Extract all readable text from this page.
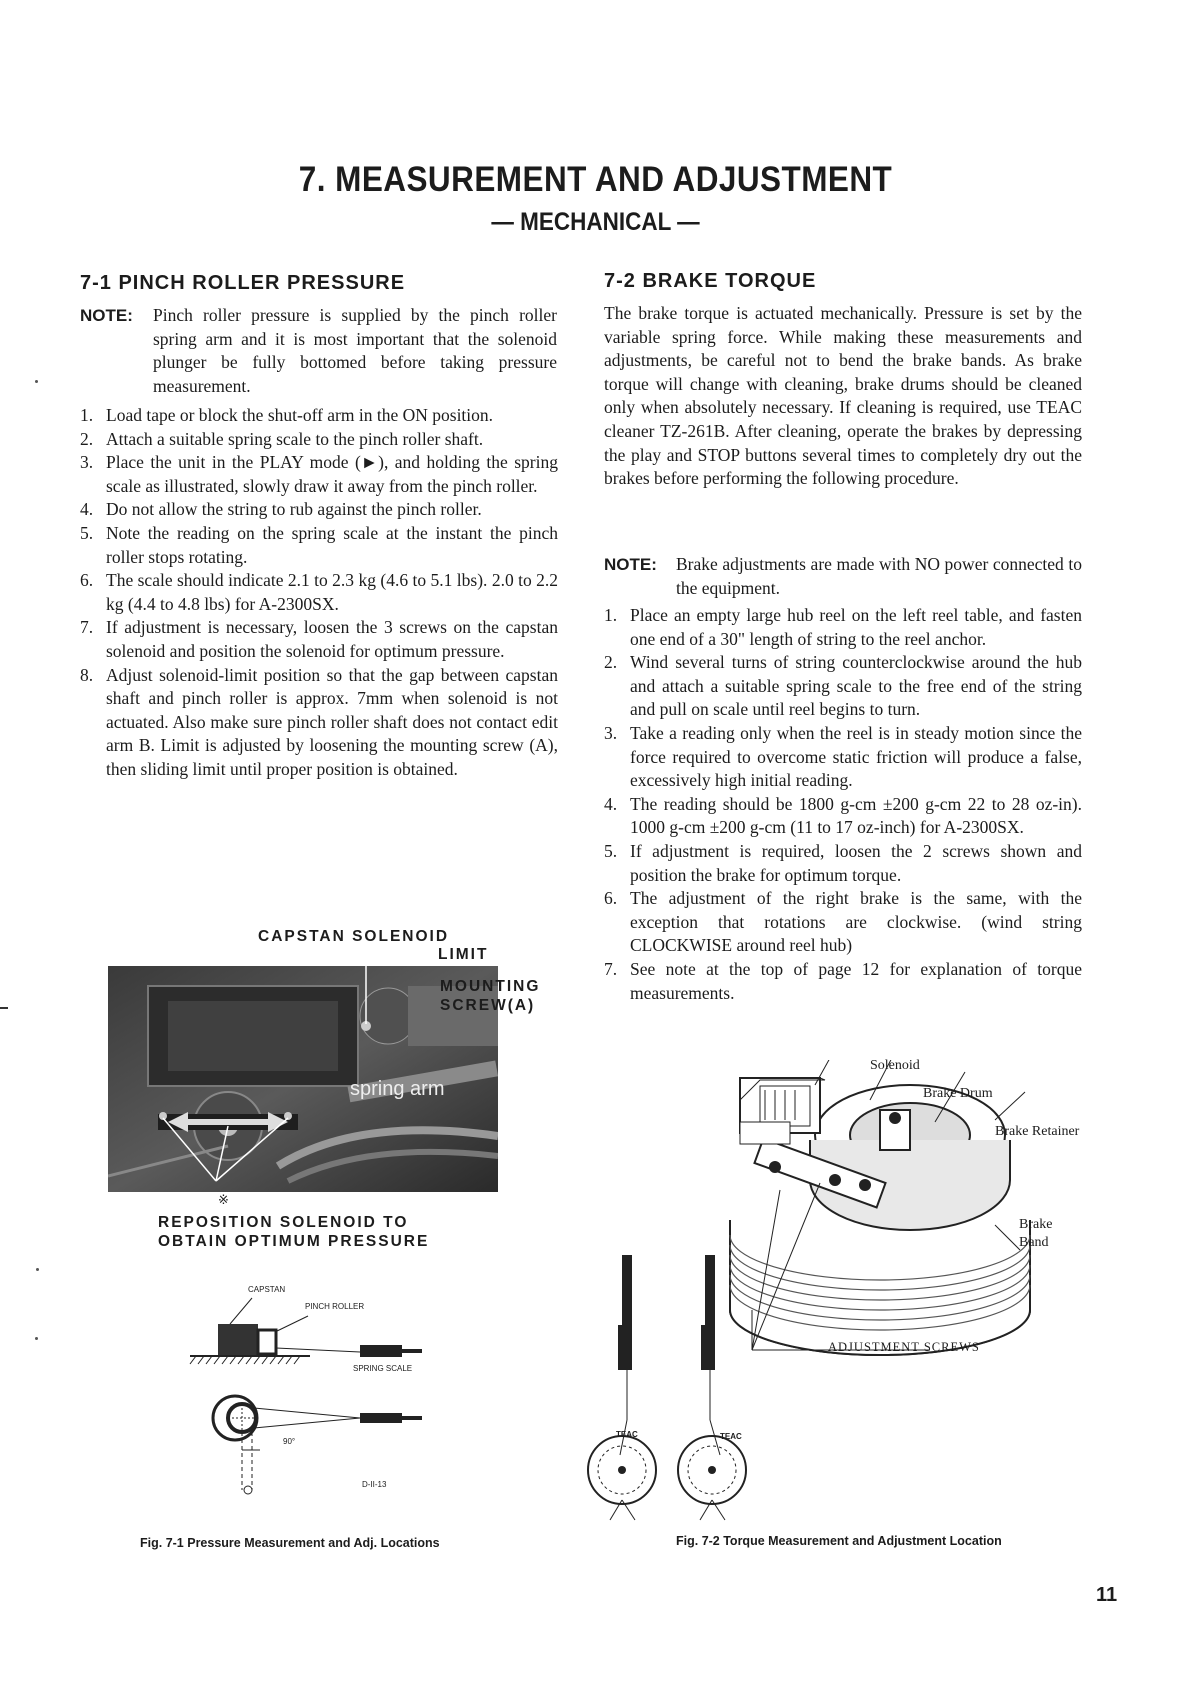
7. MEASUREMENT AND ADJUSTMENT
— MECHANICAL —
7-1 PINCH ROLLER PRESSURE
NOTE: Pinch roller pressure is supplied by the pinch roller spring arm and it is most important that the solenoid plunger be fully bottomed before taking pressure measurement.
1. Load tape or block the shut-off arm in the ON position.
2. Attach a suitable spring scale to the pinch roller shaft.
3. Place the unit in the PLAY mode (►), and holding the spring scale as illustrated, slowly draw it away from the pinch roller.
4. Do not allow the string to rub against the pinch roller.
5. Note the reading on the spring scale at the instant the pinch roller stops rotating.
6. The scale should indicate 2.1 to 2.3 kg (4.6 to 5.1 lbs). 2.0 to 2.2 kg (4.4 to 4.8 lbs) for A-2300SX.
7. If adjustment is necessary, loosen the 3 screws on the capstan solenoid and position the solenoid for optimum pressure.
8. Adjust solenoid-limit position so that the gap between capstan shaft and pinch roller is approx. 7mm when solenoid is not actuated. Also make sure pinch roller shaft does not contact edit arm B. Limit is adjusted by loosening the mounting screw (A), then sliding limit until proper position is obtained.
CAPSTAN SOLENOID
LIMIT
MOUNTING
SCREW(A)
spring arm
※
REPOSITION SOLENOID TO
OBTAIN OPTIMUM PRESSURE
CAPSTAN
PINCH ROLLER
SPRING SCALE
90°
D-II-13
Fig. 7-1 Pressure Measurement and Adj. Locations
7-2 BRAKE TORQUE
The brake torque is actuated mechanically. Pressure is set by the variable spring force. While making these measurements and adjustments, be careful not to bend the brake bands. As brake torque will change with cleaning, brake drums should be cleaned only when absolutely necessary. If cleaning is required, use TEAC cleaner TZ-261B. After cleaning, operate the brakes by depressing the play and STOP buttons several times to completely dry out the brakes before performing the following procedure.
NOTE: Brake adjustments are made with NO power connected to the equipment.
1. Place an empty large hub reel on the left reel table, and fasten one end of a 30" length of string to the reel anchor.
2. Wind several turns of string counterclockwise around the hub and attach a suitable spring scale to the free end of the string and pull on scale until reel begins to turn.
3. Take a reading only when the reel is in steady motion since the force required to overcome static friction will produce a false, excessively high initial reading.
4. The reading should be 1800 g-cm ±200 g-cm 22 to 28 oz-in). 1000 g-cm ±200 g-cm (11 to 17 oz-inch) for A-2300SX.
5. If adjustment is required, loosen the 2 screws shown and position the brake for optimum torque.
6. The adjustment of the right brake is the same, with the exception that rotations are clockwise. (wind string CLOCKWISE around reel hub)
7. See note at the top of page 12 for explanation of torque measurements.
Solenoid
Brake Drum
Brake Retainer
Brake
Band
ADJUSTMENT SCREWS
TEAC	TEAC
Fig. 7-2 Torque Measurement and Adjustment Location
11
